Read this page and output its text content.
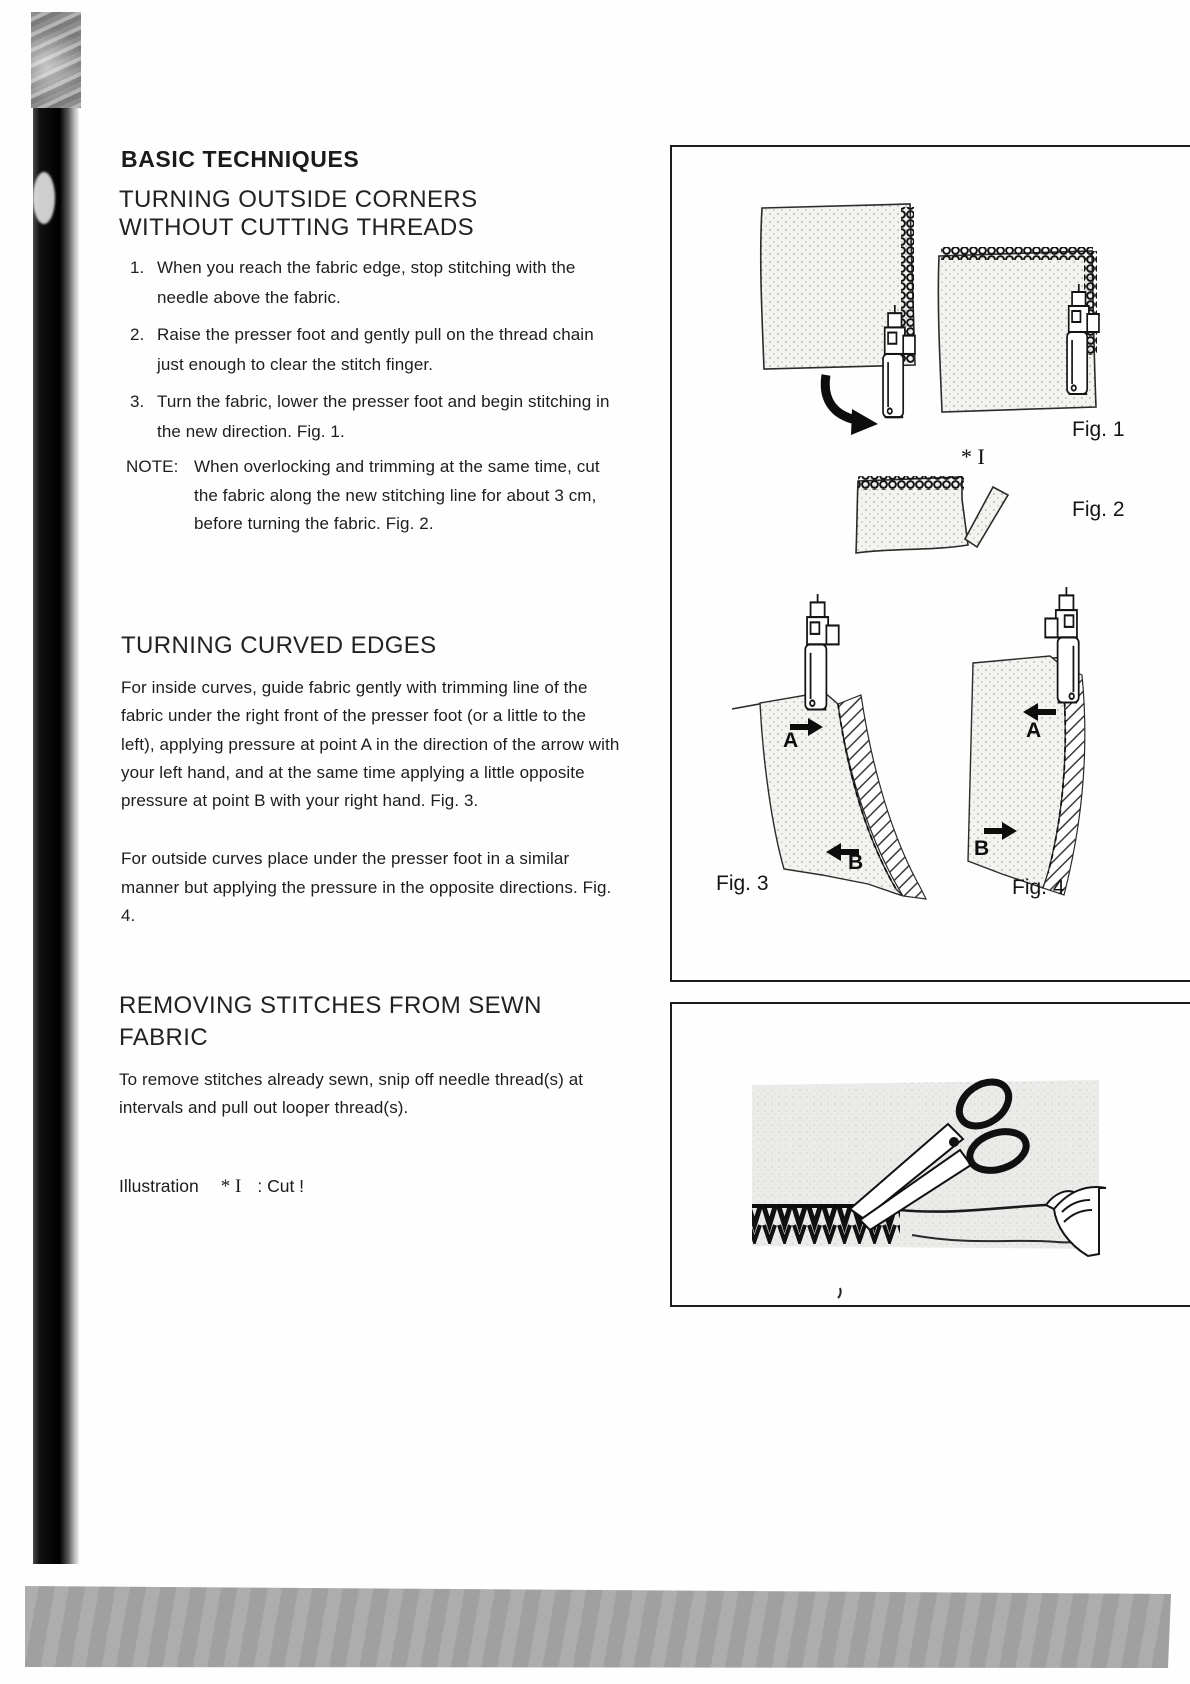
BASIC TECHNIQUES
TURNING OUTSIDE CORNERS
WITHOUT CUTTING THREADS
1. When you reach the fabric edge, stop stitching with the needle above the fabric.
2. Raise the presser foot and gently pull on the thread chain just enough to clear the stitch finger.
3. Turn the fabric, lower the presser foot and begin stitching in the new direction. Fig. 1.
NOTE: When overlocking and trimming at the same time, cut the fabric along the new stitching line for about 3 cm, before turning the fabric. Fig. 2.
TURNING CURVED EDGES
For inside curves, guide fabric gently with trimming line of the fabric under the right front of the presser foot (or a little to the left), applying pressure at point A in the direction of the arrow with your left hand, and at the same time applying a little opposite pressure at point B with your right hand. Fig. 3.
For outside curves place under the presser foot in a similar manner but applying the pressure in the opposite directions. Fig. 4.
REMOVING STITCHES FROM SEWN
FABRIC
To remove stitches already sewn, snip off needle thread(s) at intervals and pull out looper thread(s).
Illustration * I : Cut !
Fig. 1
* I
Fig. 2
Fig. 3	Fig. 4
A
B
A
B
